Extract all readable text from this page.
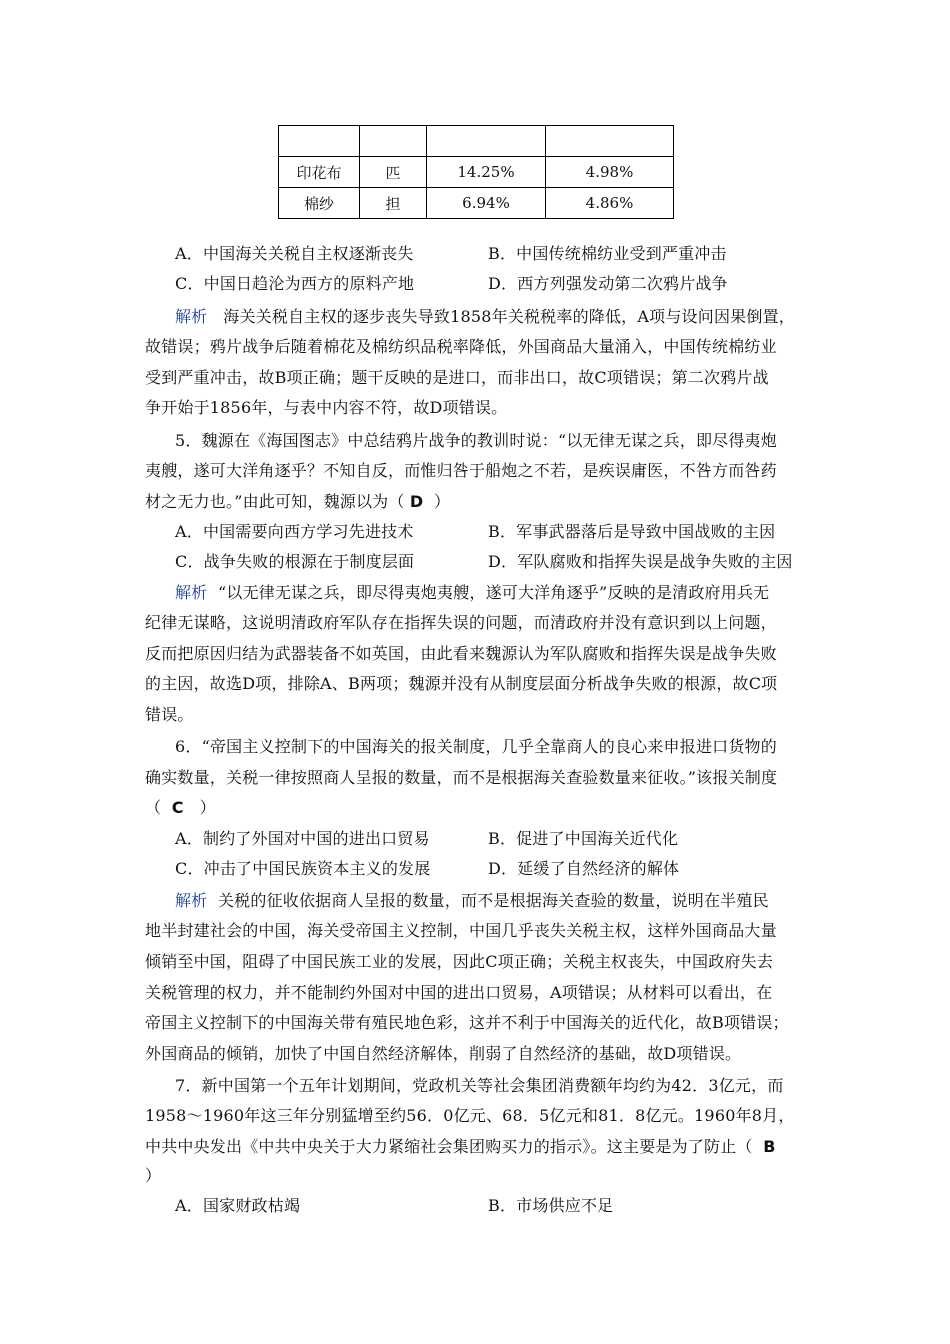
印花布	匹	14.25%	4.98%
棉纱	担	6.94%	4.86%
A．中国海关关税自主权逐渐丧失	B．中国传统棉纺业受到严重冲击
C．中国日趋沦为西方的原料产地	D．西方列强发动第二次鸦片战争
解析 海关关税自主权的逐步丧失导致1858年关税税率的降低，A项与设问因果倒置，
故错误；鸦片战争后随着棉花及棉纺织品税率降低，外国商品大量涌入，中国传统棉纺业
受到严重冲击，故B项正确；题干反映的是进口，而非出口，故C项错误；第二次鸦片战
争开始于1856年，与表中内容不符，故D项错误。
5．魏源在《海国图志》中总结鸦片战争的教训时说：“以无律无谋之兵，即尽得夷炮
夷艘，遂可大洋角逐乎？不知自反，而惟归咎于船炮之不若，是疾误庸医，不咎方而咎药
材之无力也。”由此可知，魏源以为（ D ）
A．中国需要向西方学习先进技术	B．军事武器落后是导致中国战败的主因
C．战争失败的根源在于制度层面	D．军队腐败和指挥失误是战争失败的主因
解析 “以无律无谋之兵，即尽得夷炮夷艘，遂可大洋角逐乎”反映的是清政府用兵无
纪律无谋略，这说明清政府军队存在指挥失误的问题，而清政府并没有意识到以上问题，
反而把原因归结为武器装备不如英国，由此看来魏源认为军队腐败和指挥失误是战争失败
的主因，故选D项，排除A、B两项；魏源并没有从制度层面分析战争失败的根源，故C项
错误。
6．“帝国主义控制下的中国海关的报关制度，几乎全靠商人的良心来申报进口货物的
确实数量，关税一律按照商人呈报的数量，而不是根据海关查验数量来征收。”该报关制度
（ C ）
A．制约了外国对中国的进出口贸易	B．促进了中国海关近代化
C．冲击了中国民族资本主义的发展	D．延缓了自然经济的解体
解析 关税的征收依据商人呈报的数量，而不是根据海关查验的数量，说明在半殖民
地半封建社会的中国，海关受帝国主义控制，中国几乎丧失关税主权，这样外国商品大量
倾销至中国，阻碍了中国民族工业的发展，因此C项正确；关税主权丧失，中国政府失去
关税管理的权力，并不能制约外国对中国的进出口贸易，A项错误；从材料可以看出，在
帝国主义控制下的中国海关带有殖民地色彩，这并不利于中国海关的近代化，故B项错误；
外国商品的倾销，加快了中国自然经济解体，削弱了自然经济的基础，故D项错误。
7．新中国第一个五年计划期间，党政机关等社会集团消费额年均约为42．3亿元，而
1958～1960年这三年分别猛增至约56．0亿元、68．5亿元和81．8亿元。1960年8月，
中共中央发出《中共中央关于大力紧缩社会集团购买力的指示》。这主要是为了防止（ B
）
A．国家财政枯竭	B．市场供应不足
